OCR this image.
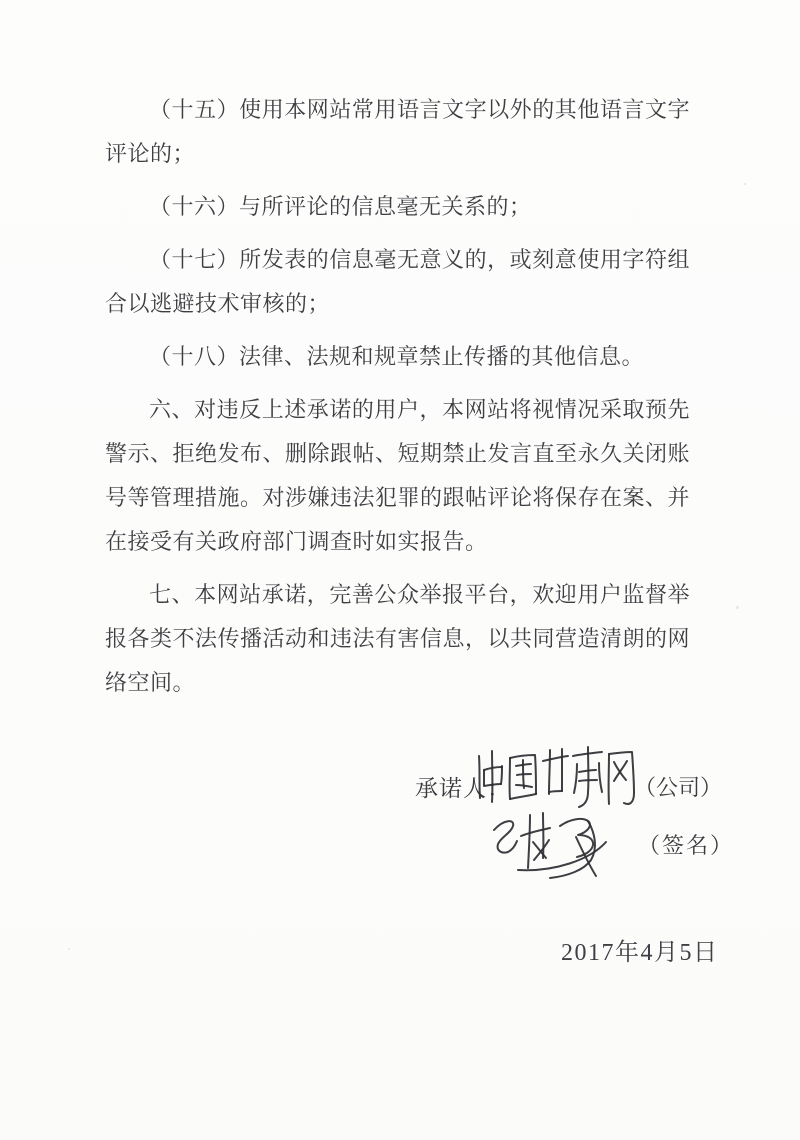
（十五）使用本网站常用语言文字以外的其他语言文字评论的；

（十六）与所评论的信息毫无关系的；

（十七）所发表的信息毫无意义的，或刻意使用字符组合以逃避技术审核的；

（十八）法律、法规和规章禁止传播的其他信息。

六、对违反上述承诺的用户，本网站将视情况采取预先警示、拒绝发布、删除跟帖、短期禁止发言直至永久关闭账号等管理措施。对涉嫌违法犯罪的跟帖评论将保存在案、并在接受有关政府部门调查时如实报告。

七、本网站承诺，完善公众举报平台，欢迎用户监督举报各类不法传播活动和违法有害信息，以共同营造清朗的网络空间。

承诺人：	（公司）
（签名）
2017年4月5日
